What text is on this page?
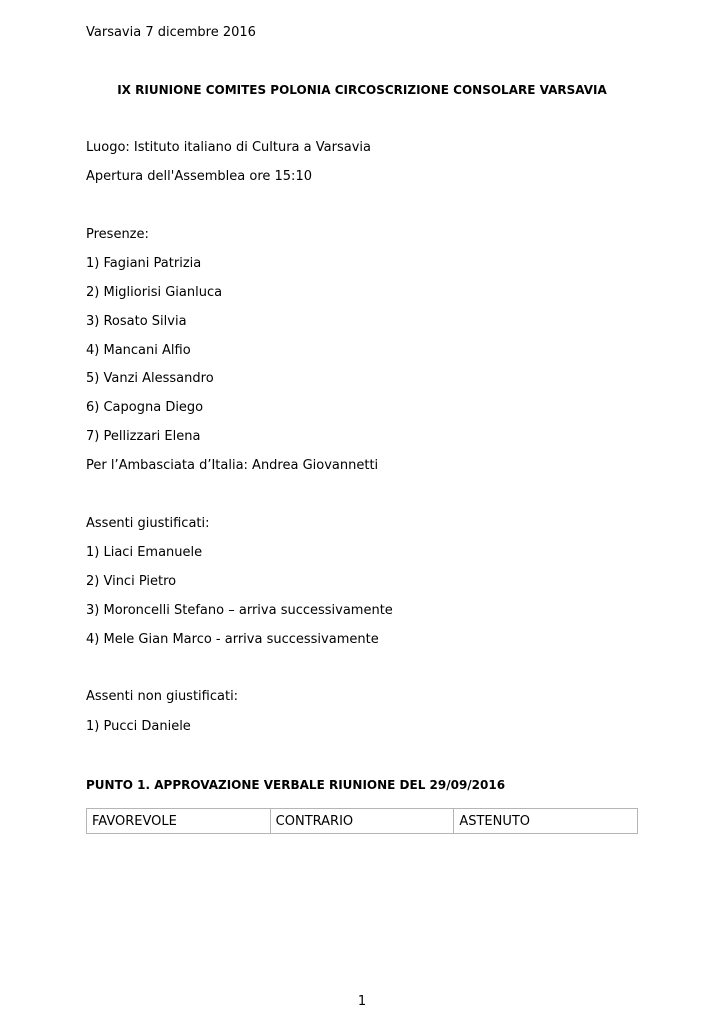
Varsavia 7 dicembre 2016
IX RIUNIONE COMITES POLONIA CIRCOSCRIZIONE CONSOLARE VARSAVIA
Luogo: Istituto italiano di Cultura a Varsavia
Apertura dell'Assemblea ore 15:10
Presenze:
1) Fagiani Patrizia
2) Migliorisi Gianluca
3) Rosato Silvia
4) Mancani Alfio
5) Vanzi Alessandro
6) Capogna Diego
7) Pellizzari Elena
Per l’Ambasciata d’Italia: Andrea Giovannetti
Assenti giustificati:
1) Liaci Emanuele
2) Vinci Pietro
3) Moroncelli Stefano – arriva successivamente
4) Mele Gian Marco - arriva successivamente
Assenti non giustificati:
1) Pucci Daniele
PUNTO 1. APPROVAZIONE VERBALE RIUNIONE DEL 29/09/2016
FAVOREVOLE	CONTRARIO	ASTENUTO
1
